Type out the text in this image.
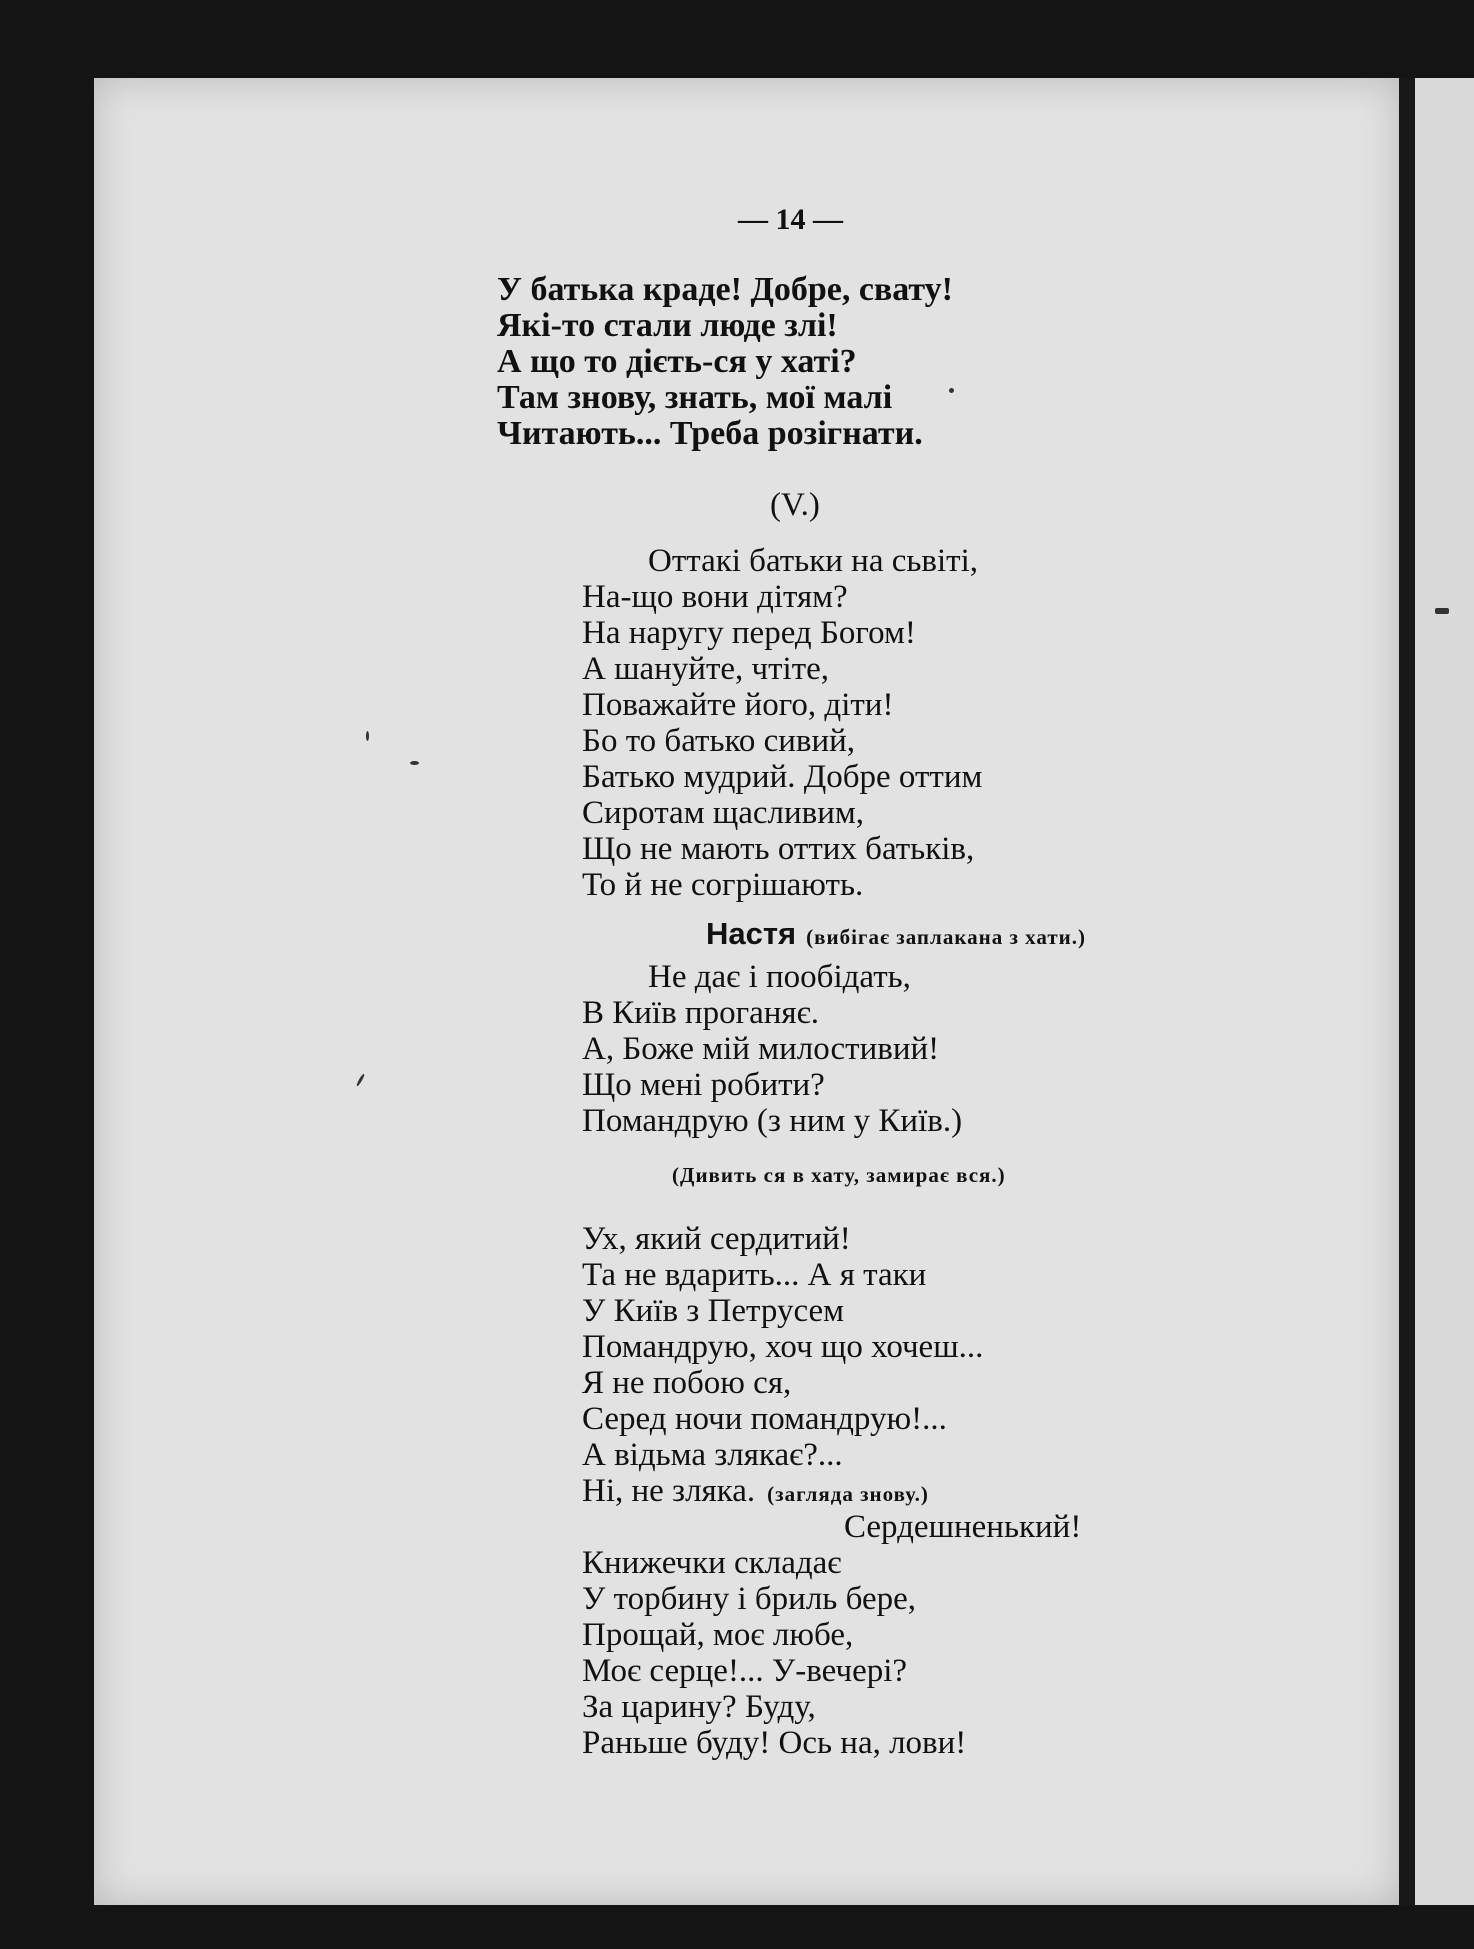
— 14 —
У батька краде! Добре, свату!
Які-то стали люде злі!
А що то дієть-ся у хаті?
Там знову, знать, мої малі
Читають... Треба розігнати.
(V.)
Оттакі батьки на сьвіті,
На-що вони дітям?
На наругу перед Богом!
А шануйте, чтіте,
Поважайте його, діти!
Бо то батько сивий,
Батько мудрий. Добре оттим
Сиротам щасливим,
Що не мають оттих батьків,
То й не согрішають.
Настя (вибігає заплакана з хати.)
Не дає і пообідать,
В Київ проганяє.
А, Боже мій милостивий!
Що мені робити?
Помандрую (з ним у Київ.)
(Дивить ся в хату, замирає вся.)
Ух, який сердитий!
Та не вдарить... А я таки
У Київ з Петрусем
Помандрую, хоч що хочеш...
Я не побою ся,
Серед ночи помандрую!...
А відьма злякає?...
Ні, не зляка. (загляда знову.)
Сердешненький!
Книжечки складає
У торбину і бриль бере,
Прощай, моє любе,
Моє серце!... У-вечері?
За царину? Буду,
Раньше буду! Ось на, лови!
